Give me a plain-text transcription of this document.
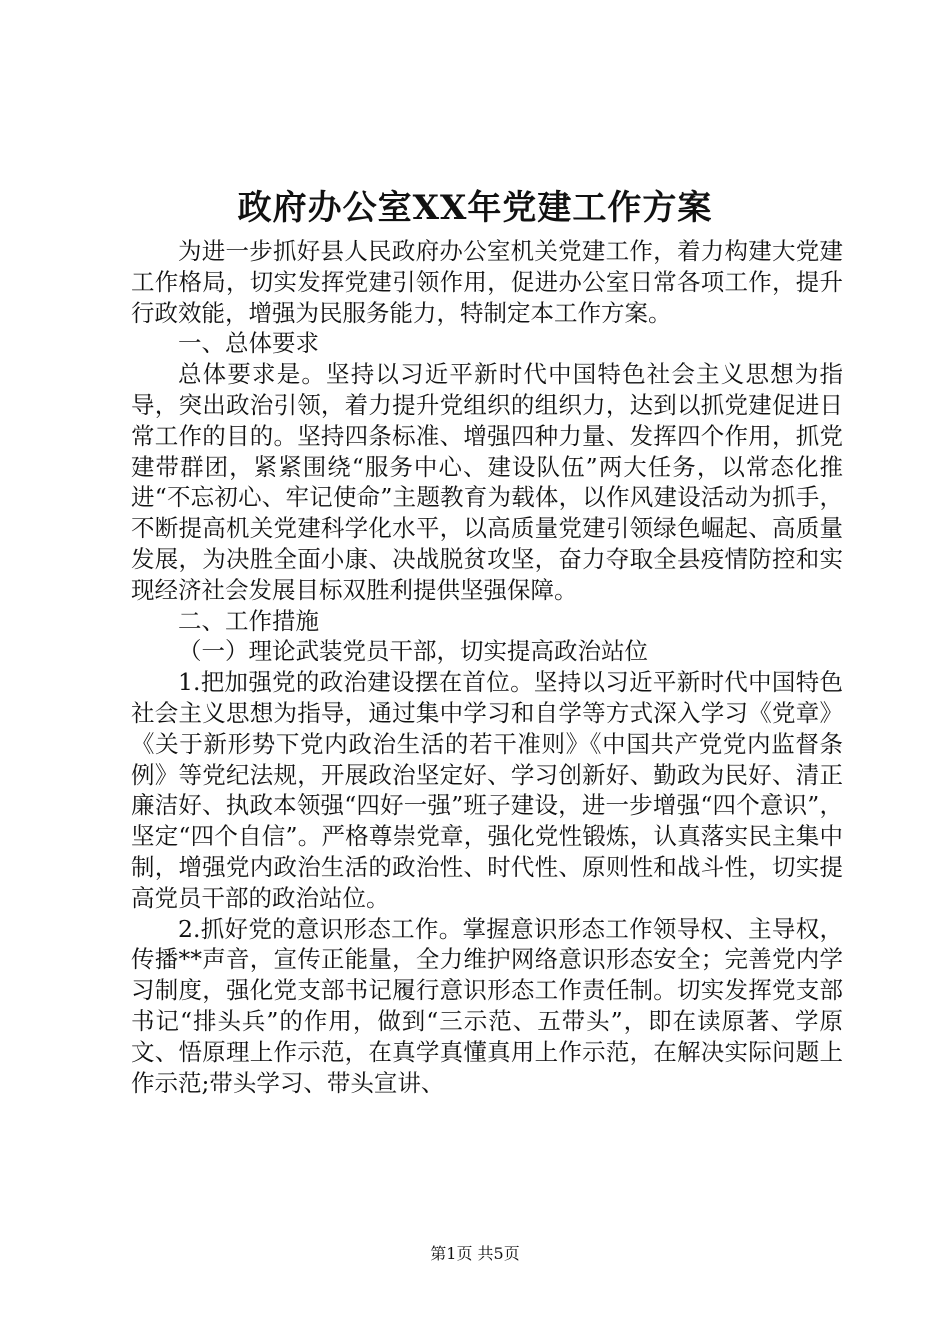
政府办公室XX年党建工作方案

为进一步抓好县人民政府办公室机关党建工作，着力构建大党建工作格局，切实发挥党建引领作用，促进办公室日常各项工作，提升行政效能，增强为民服务能力，特制定本工作方案。

一、总体要求

总体要求是。坚持以习近平新时代中国特色社会主义思想为指导，突出政治引领，着力提升党组织的组织力，达到以抓党建促进日常工作的目的。坚持四条标准、增强四种力量、发挥四个作用，抓党建带群团，紧紧围绕“服务中心、建设队伍”两大任务，以常态化推进“不忘初心、牢记使命”主题教育为载体，以作风建设活动为抓手，不断提高机关党建科学化水平，以高质量党建引领绿色崛起、高质量发展，为决胜全面小康、决战脱贫攻坚，奋力夺取全县疫情防控和实现经济社会发展目标双胜利提供坚强保障。

二、工作措施

（一）理论武装党员干部，切实提高政治站位

1.把加强党的政治建设摆在首位。坚持以习近平新时代中国特色社会主义思想为指导，通过集中学习和自学等方式深入学习《党章》《关于新形势下党内政治生活的若干准则》《中国共产党党内监督条例》等党纪法规，开展政治坚定好、学习创新好、勤政为民好、清正廉洁好、执政本领强“四好一强”班子建设，进一步增强“四个意识”，坚定“四个自信”。严格尊崇党章，强化党性锻炼，认真落实民主集中制，增强党内政治生活的政治性、时代性、原则性和战斗性，切实提高党员干部的政治站位。

2.抓好党的意识形态工作。掌握意识形态工作领导权、主导权，传播**声音，宣传正能量，全力维护网络意识形态安全；完善党内学习制度，强化党支部书记履行意识形态工作责任制。切实发挥党支部书记“排头兵”的作用，做到“三示范、五带头”，即在读原著、学原文、悟原理上作示范，在真学真懂真用上作示范，在解决实际问题上作示范;带头学习、带头宣讲、

第1页 共5页
